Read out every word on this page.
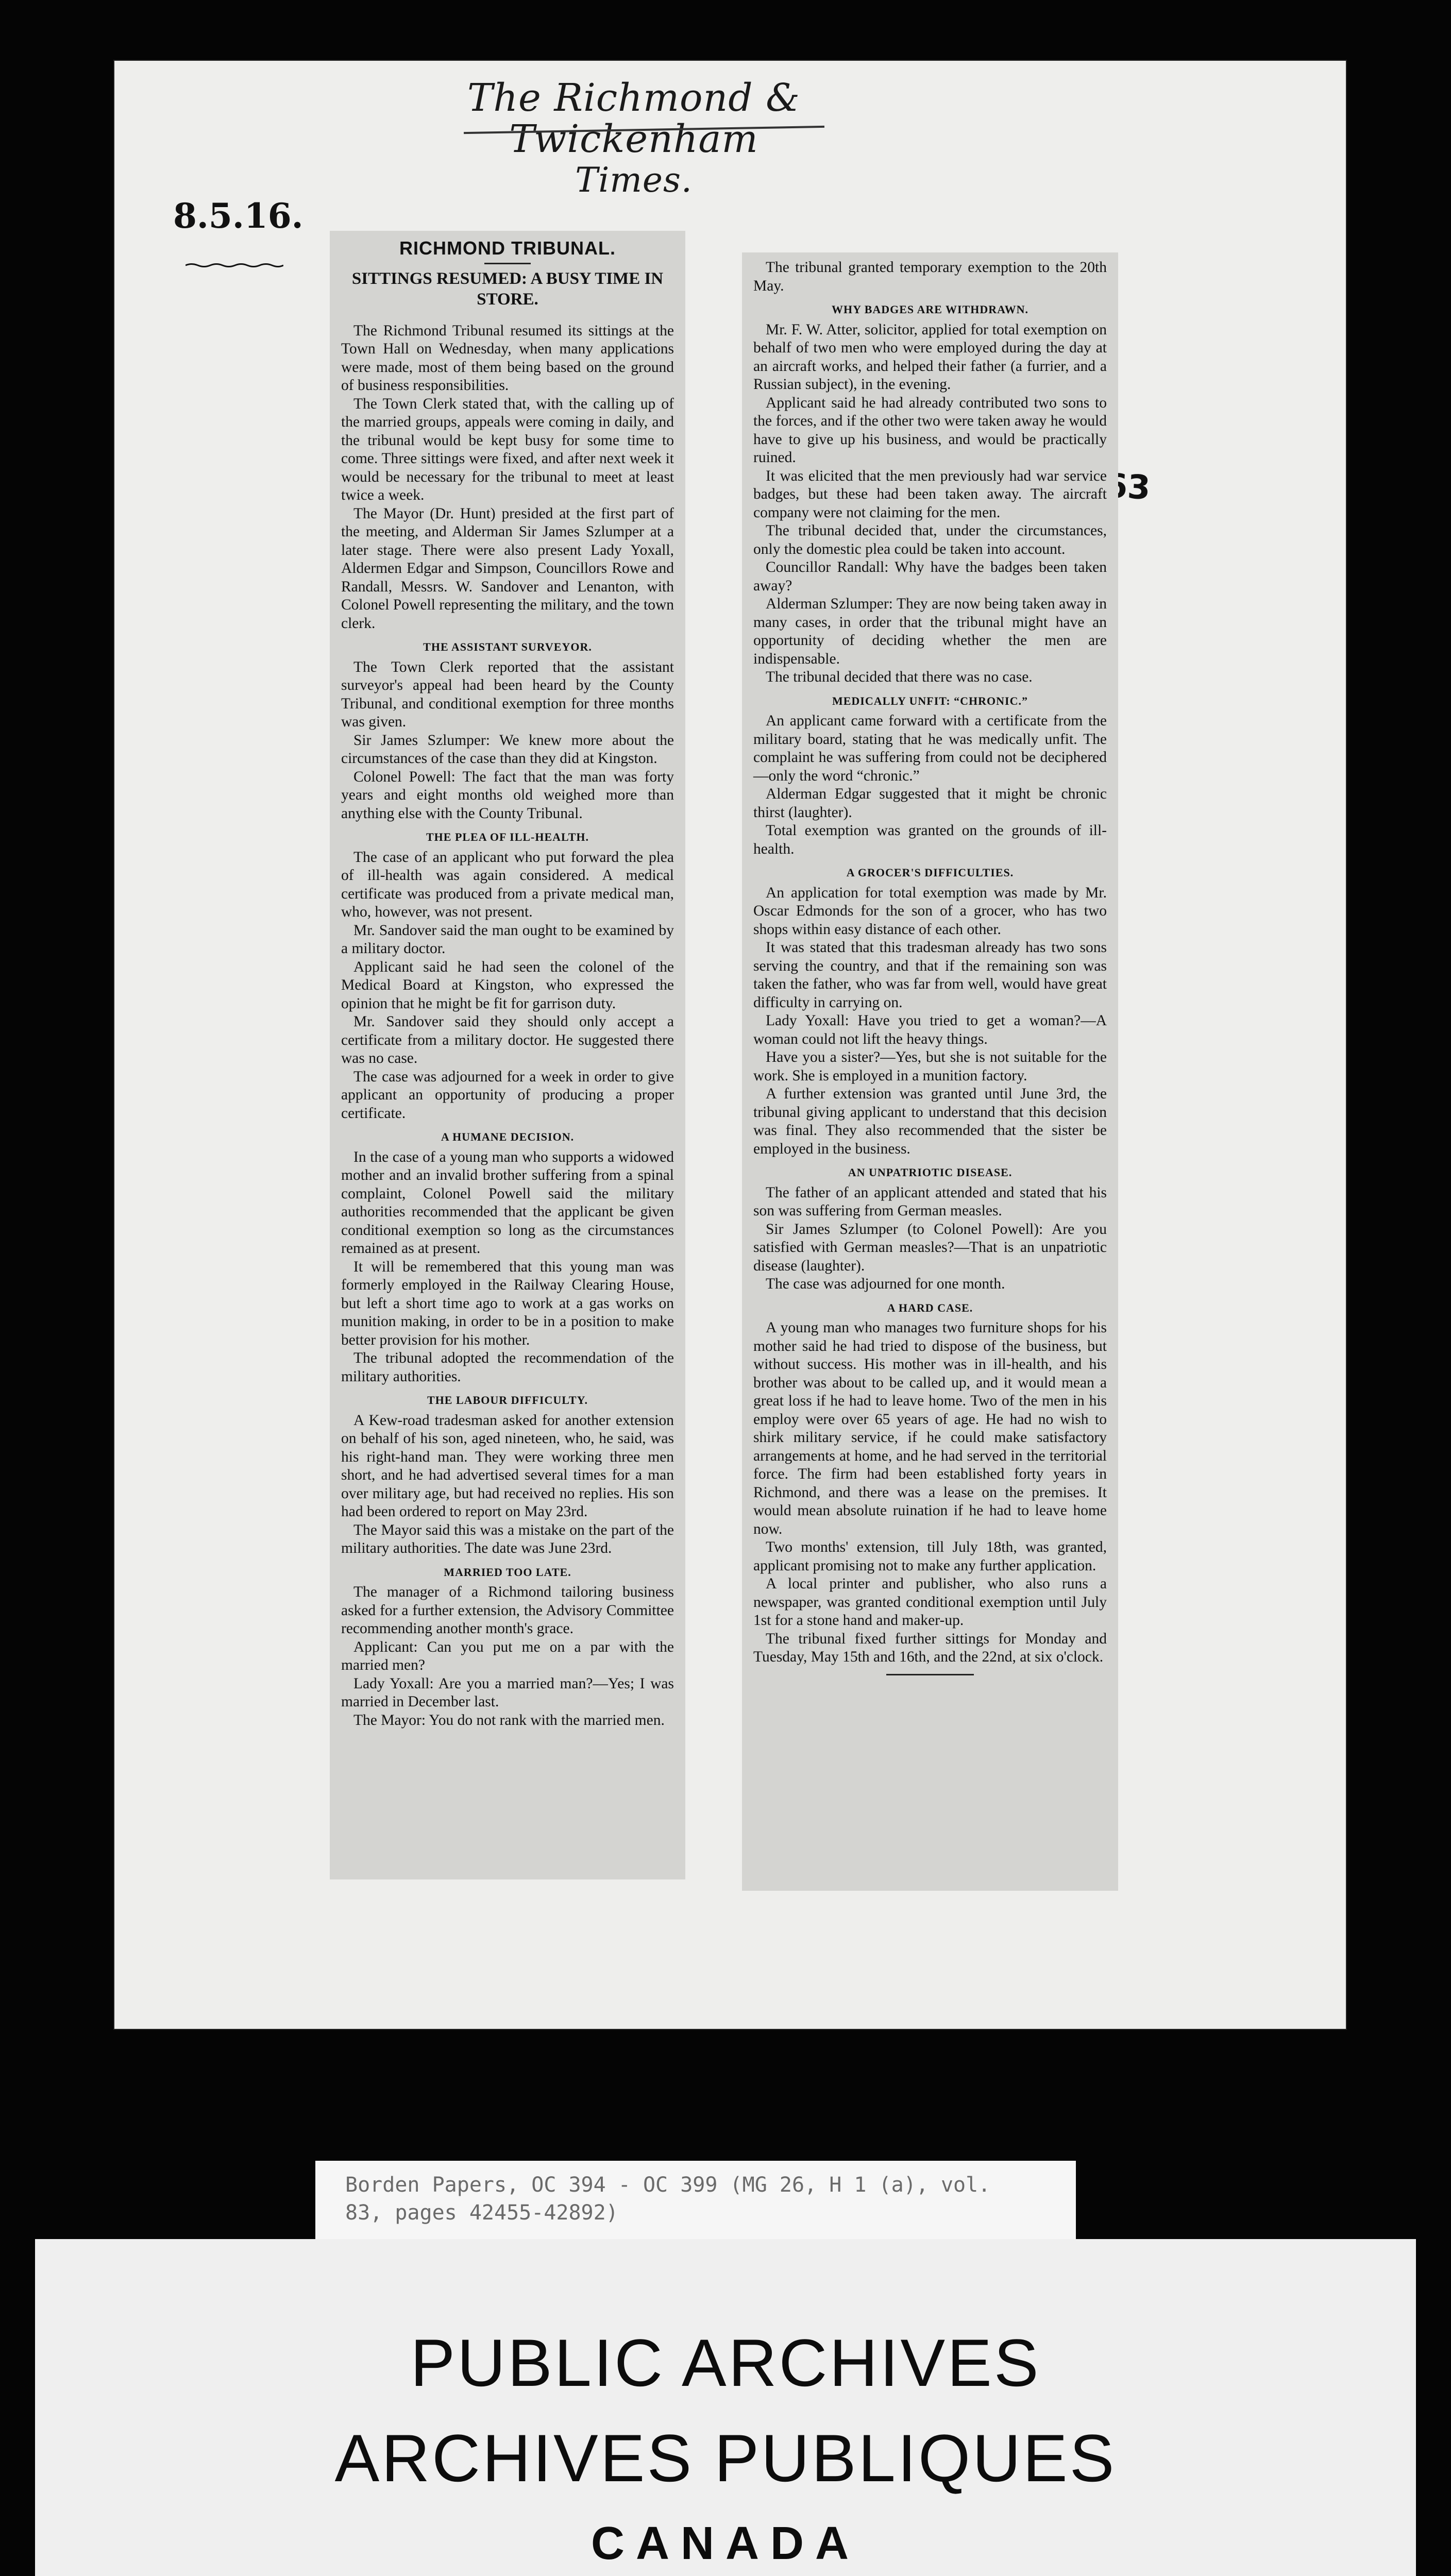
The Richmond & Twickenham
Times.
8.5.16.
RICHMOND TRIBUNAL.
SITTINGS RESUMED: A BUSY TIME IN STORE.

The Richmond Tribunal resumed its sittings at the Town Hall on Wednesday, when many applications were made, most of them being based on the ground of business responsibilities.

The Town Clerk stated that, with the calling up of the married groups, appeals were coming in daily, and the tribunal would be kept busy for some time to come. Three sittings were fixed, and after next week it would be necessary for the tribunal to meet at least twice a week.

The Mayor (Dr. Hunt) presided at the first part of the meeting, and Alderman Sir James Szlumper at a later stage. There were also present Lady Yoxall, Aldermen Edgar and Simpson, Councillors Rowe and Randall, Messrs. W. Sandover and Lenanton, with Colonel Powell representing the military, and the town clerk.

THE ASSISTANT SURVEYOR.

The Town Clerk reported that the assistant surveyor's appeal had been heard by the County Tribunal, and conditional exemption for three months was given.

Sir James Szlumper: We knew more about the circumstances of the case than they did at Kingston.

Colonel Powell: The fact that the man was forty years and eight months old weighed more than anything else with the County Tribunal.

THE PLEA OF ILL-HEALTH.

The case of an applicant who put forward the plea of ill-health was again considered. A medical certificate was produced from a private medical man, who, however, was not present.

Mr. Sandover said the man ought to be examined by a military doctor.

Applicant said he had seen the colonel of the Medical Board at Kingston, who expressed the opinion that he might be fit for garrison duty.

Mr. Sandover said they should only accept a certificate from a military doctor. He suggested there was no case.

The case was adjourned for a week in order to give applicant an opportunity of producing a proper certificate.

A HUMANE DECISION.

In the case of a young man who supports a widowed mother and an invalid brother suffering from a spinal complaint, Colonel Powell said the military authorities recommended that the applicant be given conditional exemption so long as the circumstances remained as at present.

It will be remembered that this young man was formerly employed in the Railway Clearing House, but left a short time ago to work at a gas works on munition making, in order to be in a position to make better provision for his mother.

The tribunal adopted the recommendation of the military authorities.

THE LABOUR DIFFICULTY.

A Kew-road tradesman asked for another extension on behalf of his son, aged nineteen, who, he said, was his right-hand man. They were working three men short, and he had advertised several times for a man over military age, but had received no replies. His son had been ordered to report on May 23rd.

The Mayor said this was a mistake on the part of the military authorities. The date was June 23rd.

MARRIED TOO LATE.

The manager of a Richmond tailoring business asked for a further extension, the Advisory Committee recommending another month's grace.

Applicant: Can you put me on a par with the married men?

Lady Yoxall: Are you a married man?—Yes; I was married in December last.

The Mayor: You do not rank with the married men.

The tribunal granted temporary exemption to the 20th May.

WHY BADGES ARE WITHDRAWN.

Mr. F. W. Atter, solicitor, applied for total exemption on behalf of two men who were employed during the day at an aircraft works, and helped their father (a furrier, and a Russian subject), in the evening.

Applicant said he had already contributed two sons to the forces, and if the other two were taken away he would have to give up his business, and would be practically ruined.

It was elicited that the men previously had war service badges, but these had been taken away. The aircraft company were not claiming for the men.

The tribunal decided that, under the circumstances, only the domestic plea could be taken into account.

Councillor Randall: Why have the badges been taken away?

Alderman Szlumper: They are now being taken away in many cases, in order that the tribunal might have an opportunity of deciding whether the men are indispensable.

The tribunal decided that there was no case.

MEDICALLY UNFIT: “CHRONIC.”

An applicant came forward with a certificate from the military board, stating that he was medically unfit. The complaint he was suffering from could not be deciphered—only the word “chronic.”

Alderman Edgar suggested that it might be chronic thirst (laughter).

Total exemption was granted on the grounds of ill-health.

A GROCER'S DIFFICULTIES.

An application for total exemption was made by Mr. Oscar Edmonds for the son of a grocer, who has two shops within easy distance of each other.

It was stated that this tradesman already has two sons serving the country, and that if the remaining son was taken the father, who was far from well, would have great difficulty in carrying on.

Lady Yoxall: Have you tried to get a woman?—A woman could not lift the heavy things.

Have you a sister?—Yes, but she is not suitable for the work. She is employed in a munition factory.

A further extension was granted until June 3rd, the tribunal giving applicant to understand that this decision was final. They also recommended that the sister be employed in the business.

AN UNPATRIOTIC DISEASE.

The father of an applicant attended and stated that his son was suffering from German measles.

Sir James Szlumper (to Colonel Powell): Are you satisfied with German measles?—That is an unpatriotic disease (laughter).

The case was adjourned for one month.

A HARD CASE.

A young man who manages two furniture shops for his mother said he had tried to dispose of the business, but without success. His mother was in ill-health, and his brother was about to be called up, and it would mean a great loss if he had to leave home. Two of the men in his employ were over 65 years of age. He had no wish to shirk military service, if he could make satisfactory arrangements at home, and he had served in the territorial force. The firm had been established forty years in Richmond, and there was a lease on the premises. It would mean absolute ruination if he had to leave home now.

Two months' extension, till July 18th, was granted, applicant promising not to make any further application.

A local printer and publisher, who also runs a newspaper, was granted conditional exemption until July 1st for a stone hand and maker-up.

The tribunal fixed further sittings for Monday and Tuesday, May 15th and 16th, and the 22nd, at six o'clock.

Borden Papers, OC 394 - OC 399 (MG 26, H 1 (a), vol.
83, pages 42455-42892)
PUBLIC ARCHIVES
ARCHIVES PUBLIQUES
CANADA
